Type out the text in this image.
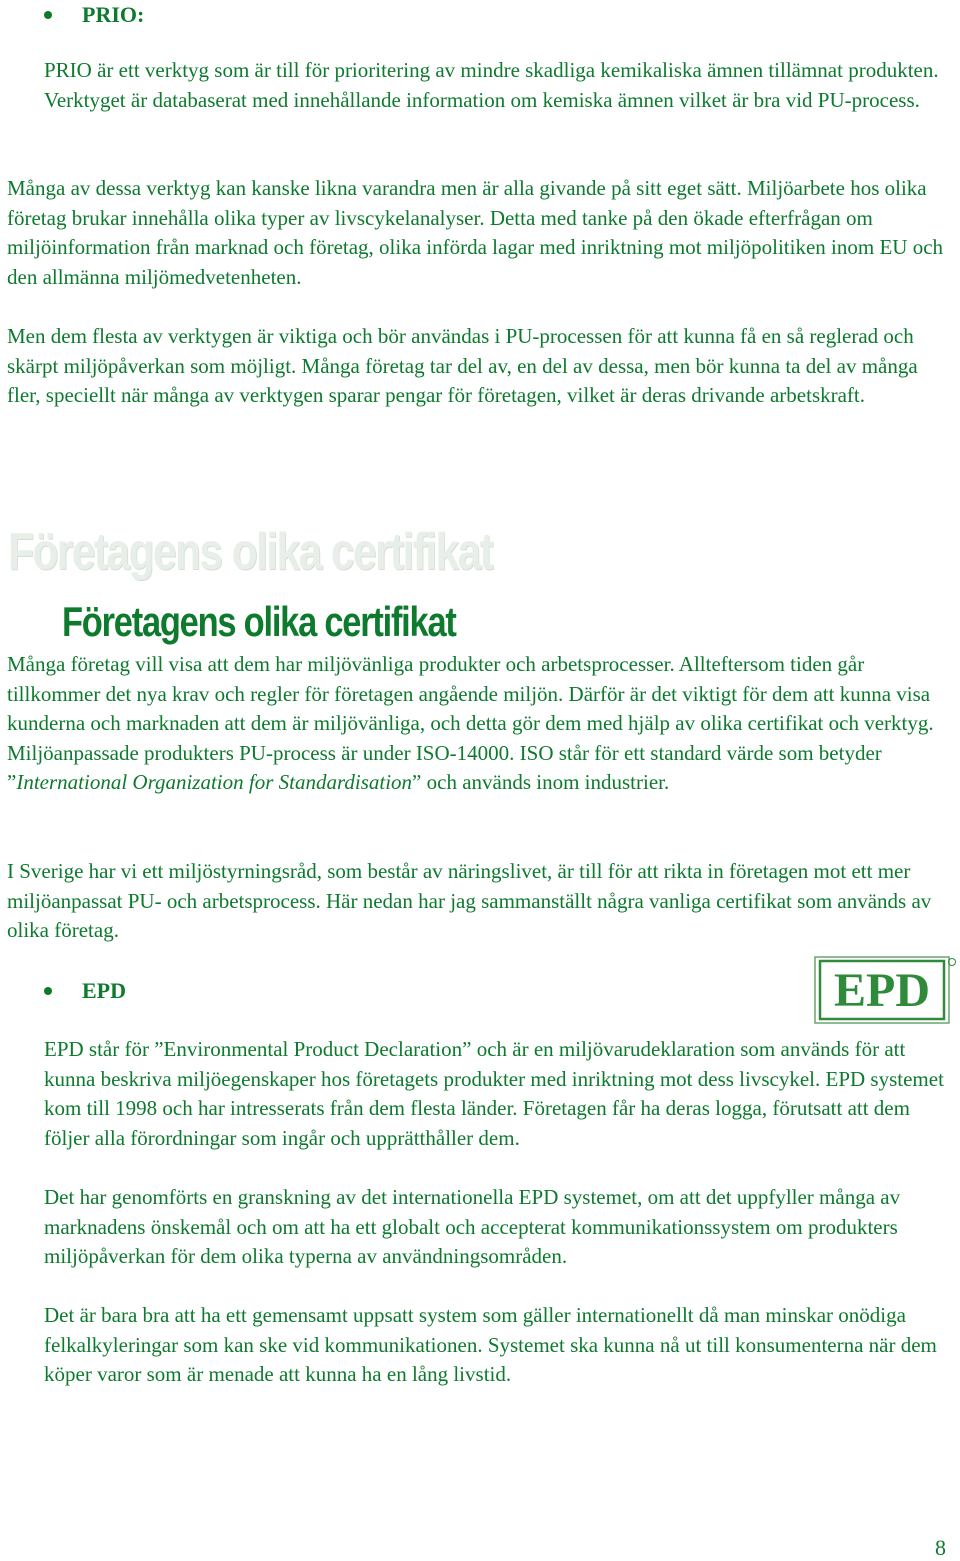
PRIO:

PRIO är ett verktyg som är till för prioritering av mindre skadliga kemikaliska ämnen tillämnat produkten. Verktyget är databaserat med innehållande information om kemiska ämnen vilket är bra vid PU-process.

Många av dessa verktyg kan kanske likna varandra men är alla givande på sitt eget sätt. Miljöarbete hos olika företag brukar innehålla olika typer av livscykelanalyser. Detta med tanke på den ökade efterfrågan om miljöinformation från marknad och företag, olika införda lagar med inriktning mot miljöpolitiken inom EU och den allmänna miljömedvetenheten.

Men dem flesta av verktygen är viktiga och bör användas i PU-processen för att kunna få en så reglerad och skärpt miljöpåverkan som möjligt. Många företag tar del av, en del av dessa, men bör kunna ta del av många fler, speciellt när många av verktygen sparar pengar för företagen, vilket är deras drivande arbetskraft.

Företagens olika certifikat
Företagens olika certifikat

Många företag vill visa att dem har miljövänliga produkter och arbetsprocesser. Allteftersom tiden går tillkommer det nya krav och regler för företagen angående miljön. Därför är det viktigt för dem att kunna visa kunderna och marknaden att dem är miljövänliga, och detta gör dem med hjälp av olika certifikat och verktyg. Miljöanpassade produkters PU-process är under ISO-14000. ISO står för ett standard värde som betyder ”International Organization for Standardisation” och används inom industrier.

I Sverige har vi ett miljöstyrningsråd, som består av näringslivet, är till för att rikta in företagen mot ett mer miljöanpassat PU- och arbetsprocess. Här nedan har jag sammanställt några vanliga certifikat som används av olika företag.

EPD	EPD

EPD står för ”Environmental Product Declaration” och är en miljövarudeklaration som används för att kunna beskriva miljöegenskaper hos företagets produkter med inriktning mot dess livscykel. EPD systemet kom till 1998 och har intresserats från dem flesta länder. Företagen får ha deras logga, förutsatt att dem följer alla förordningar som ingår och upprätthåller dem.

Det har genomförts en granskning av det internationella EPD systemet, om att det uppfyller många av marknadens önskemål och om att ha ett globalt och accepterat kommunikationssystem om produkters miljöpåverkan för dem olika typerna av användningsområden.

Det är bara bra att ha ett gemensamt uppsatt system som gäller internationellt då man minskar onödiga felkalkyleringar som kan ske vid kommunikationen. Systemet ska kunna nå ut till konsumenterna när dem köper varor som är menade att kunna ha en lång livstid.

8
